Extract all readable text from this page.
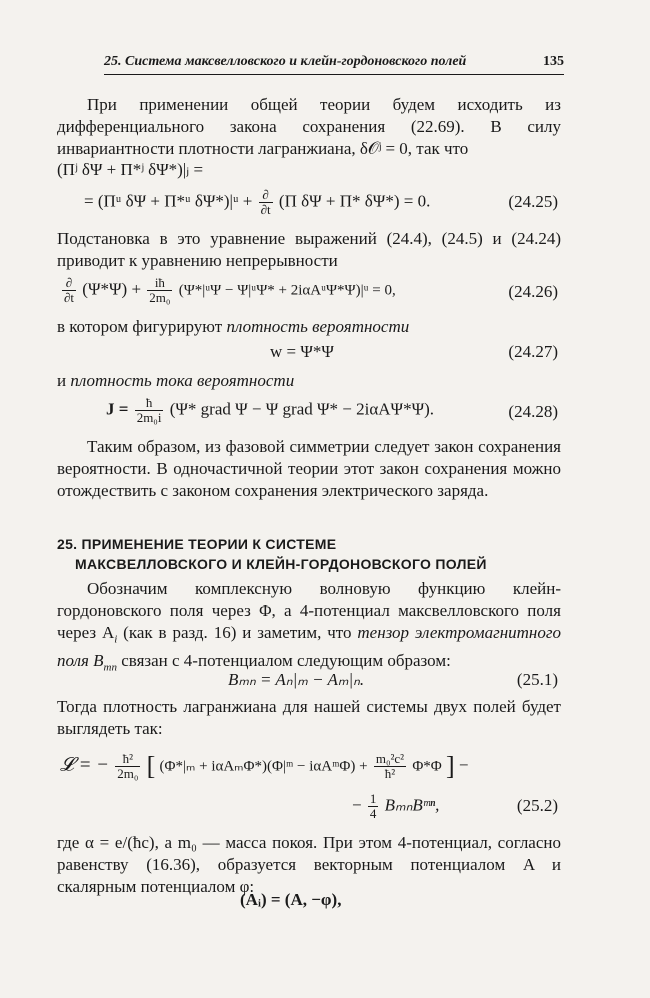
25. Система максвелловского и клейн-гордоновского полей	135

При применении общей теории будем исходить из дифференциального закона сохранения (22.69). В силу инвариантности плотности лагранжиана, δ𝒪ʲ = 0, так что

(Πʲ δΨ + Π*ʲ δΨ*)|ⱼ =
= (Πᵘ δΨ + Π*ᵘ δΨ*)|ᵘ + $\frac{\partial}{\partial t} (\Pi$ δΨ + Π* δΨ*) = 0.	(24.25)

Подстановка в это уравнение выражений (24.4), (24.5) и (24.24) приводит к уравнению непрерывности

$\frac{\partial}{\partial t} (\Psi*\Psi) + \frac{iħ}{\text{2m₀}}$ (Ψ*|ᵘΨ − Ψ|ᵘΨ* + 2iαAᵘΨ*Ψ)|ᵘ = 0,	(24.26)

в котором фигурируют плотность вероятности

w = Ψ*Ψ	(24.27)

и плотность тока вероятности

$J = \frac{ħ}{\text{2m₀i}} (\Psi*$ grad Ψ − Ψ grad Ψ* − 2iαAΨ*Ψ).	(24.28)

Таким образом, из фазовой симметрии следует закон сохранения вероятности. В одночастичной теории этот закон сохранения можно отождествить с законом сохранения электрического заряда.

25. ПРИМЕНЕНИЕ ТЕОРИИ К СИСТЕМЕ
МАКСВЕЛЛОВСКОГО И КЛЕЙН-ГОРДОНОВСКОГО ПОЛЕЙ

Обозначим комплексную волновую функцию клейн-гордоновского поля через Φ, а 4-потенциал максвелловского поля через $A_i$ (как в разд. 16) и заметим, что тензор электромагнитного поля $B_{mn}$ связан с 4-потенциалом следующим образом:

Bₘₙ = Aₙ|ₘ − Aₘ|ₙ.	(25.1)

Тогда плотность лагранжиана для нашей системы двух полей будет выглядеть так:

𝓛 = − $\frac{\text{ħ²}}{\text{2m₀}}$ [ (Φ*|ₘ + iαAₘΦ*)(Φ|ᵐ − iαAᵐΦ) + $\frac{\text{m₀²c²}}{\text{ħ²}} \Phi*\Phi$ ] −
− $\frac{1}{4}$ BₘₙBᵐⁿ,	(25.2)

где α = e/(ħc), а m₀ — масса покоя. При этом 4-потенциал, согласно равенству (16.36), образуется векторным потенциалом A и скалярным потенциалом φ:

(Aᵢ) = (A, −φ),
